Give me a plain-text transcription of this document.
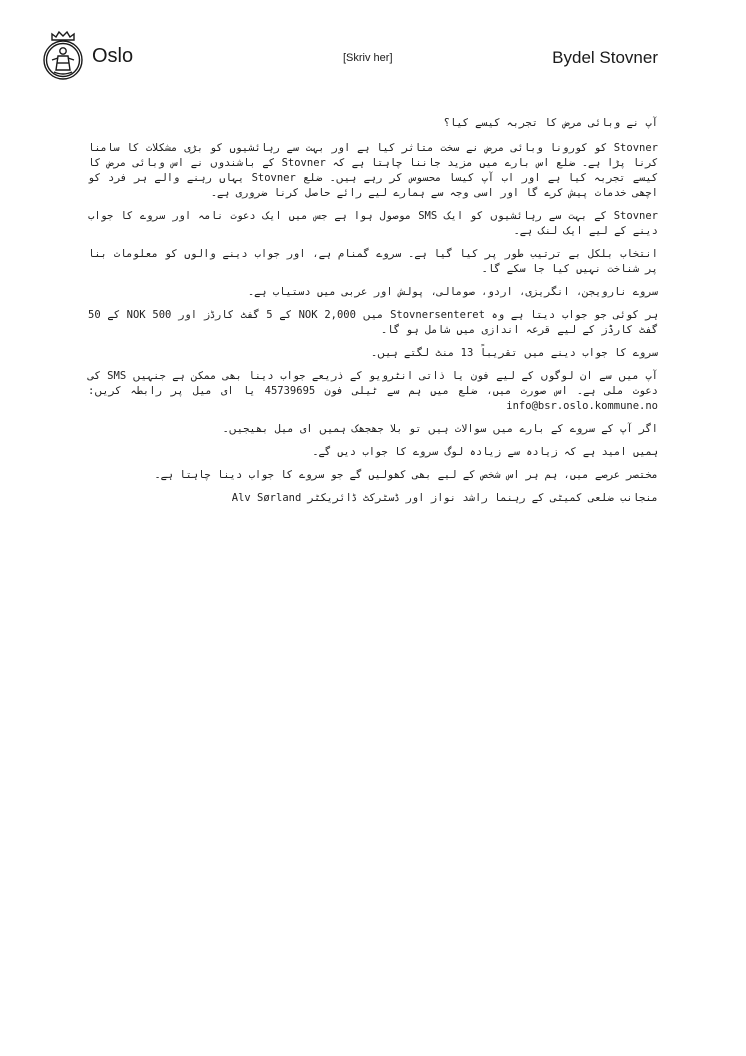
Oslo	[Skriv her]	Bydel Stovner

آپ نے وبائی مرض کا تجربہ کیسے کیا؟

Stovner کو کورونا وبائی مرض نے سخت متاثر کیا ہے اور بہت سے رہائشیوں کو بڑی مشکلات کا سامنا کرنا پڑا ہے۔ ضلع اس بارے میں مزید جاننا چاہتا ہے کہ Stovner کے باشندوں نے اس وبائی مرض کا کیسے تجربہ کیا ہے اور اب آپ کیسا محسوس کر رہے ہیں۔ ضلع Stovner یہاں رہنے والے ہر فرد کو اچھی خدمات پیش کرے گا اور اسی وجہ سے ہمارے لیے رائے حاصل کرنا ضروری ہے۔

Stovner کے بہت سے رہائشیوں کو ایک SMS موصول ہوا ہے جس میں ایک دعوت نامہ اور سروے کا جواب دینے کے لیے ایک لنک ہے۔

انتخاب بلکل بے ترتیب طور پر کیا گیا ہے۔ سروے گمنام ہے، اور جواب دینے والوں کو معلومات بنا پر شناخت نہیں کیا جا سکے گا۔

سروے نارویجن، انگریزی، اردو، صومالی، پولش اور عربی میں دستیاب ہے۔

ہر کوئی جو جواب دیتا ہے وہ Stovnersenteret میں NOK 2,000 کے 5 گفٹ کارڈز اور NOK 500 کے 50 گفٹ کارڈز کے لیے قرعہ اندازی میں شامل ہو گا۔

سروے کا جواب دینے میں تقریباً 13 منٹ لگتے ہیں۔

آپ میں سے ان لوگوں کے لیے فون یا ذاتی انٹرویو کے ذریعے جواب دینا بھی ممکن ہے جنہیں SMS کی دعوت ملی ہے۔ اس صورت میں، ضلع میں ہم سے ٹیلی فون 45739695 یا ای میل پر رابطہ کریں: info@bsr.oslo.kommune.no

اگر آپ کے سروے کے بارے میں سوالات ہیں تو بلا جھجھک ہمیں ای میل بھیجیں۔

ہمیں امید ہے کہ زیادہ سے زیادہ لوگ سروے کا جواب دیں گے۔

مختصر عرصے میں، ہم ہر اس شخص کے لیے بھی کھولیں گے جو سروے کا جواب دینا چاہتا ہے۔

منجانب ضلعی کمیٹی کے رہنما راشد نواز اور ڈسٹرکٹ ڈائریکٹر Alv Sørland
